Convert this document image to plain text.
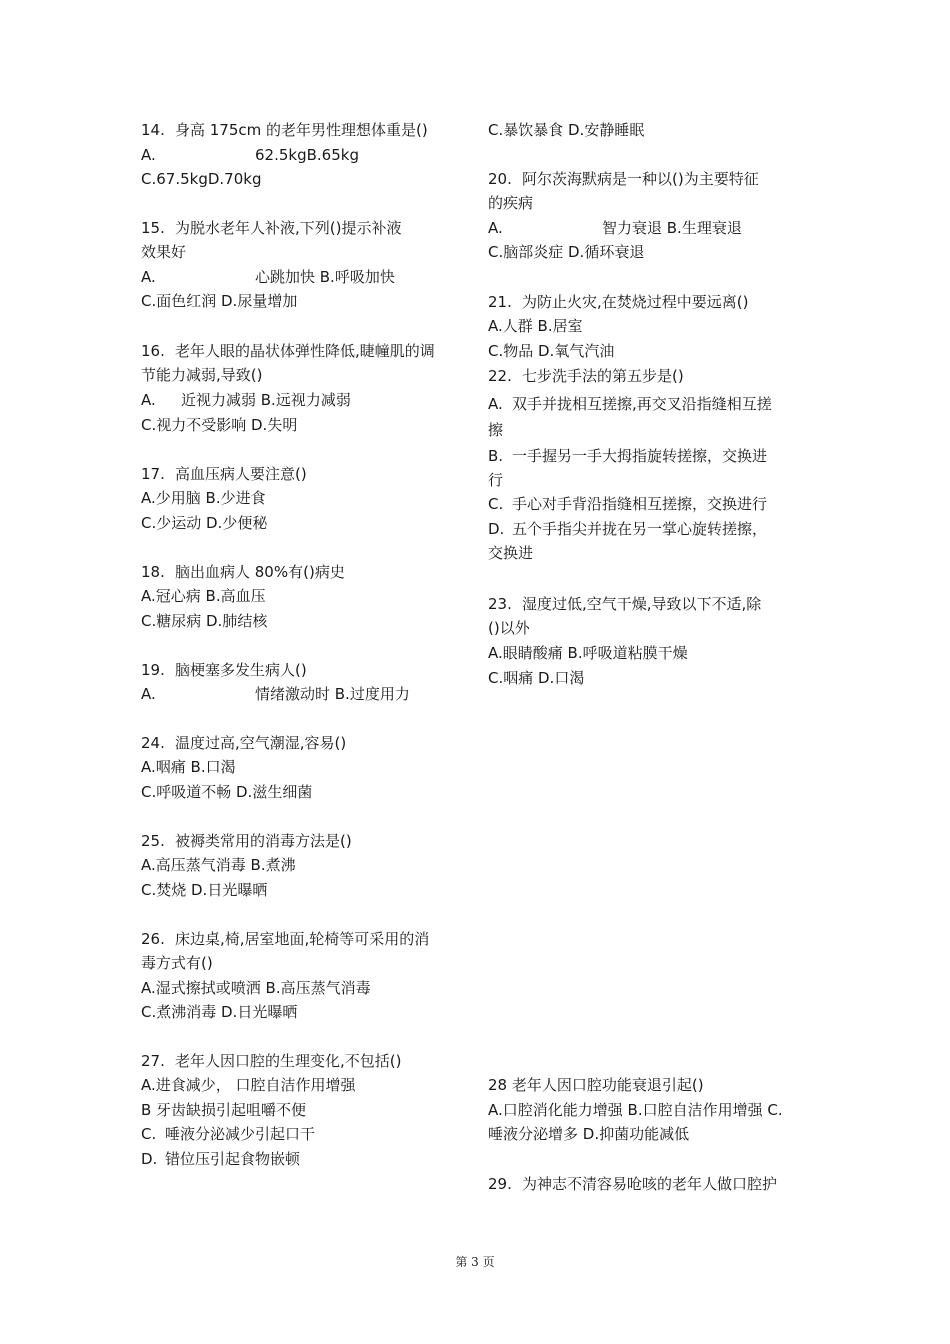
14. 身高 175cm 的老年男性理想体重是()
A.	62.5kgB.65kg
C.67.5kgD.70kg
15. 为脱水老年人补液,下列()提示补液
效果好
A.	心跳加快 B.呼吸加快
C.面色红润 D.尿量增加
16. 老年人眼的晶状体弹性降低,睫幢肌的调
节能力减弱,导致()
A. 近视力减弱 B.远视力减弱
C.视力不受影响 D.失明
17. 高血压病人要注意()
A.少用脑 B.少进食
C.少运动 D.少便秘
18. 脑出血病人 80%有()病史
A.冠心病 B.高血压
C.糖尿病 D.肺结核
19. 脑梗塞多发生病人()
A.	情绪激动时 B.过度用力
24. 温度过高,空气潮湿,容易()
A.咽痛 B.口渴
C.呼吸道不畅 D.滋生细菌
25. 被褥类常用的消毒方法是()
A.高压蒸气消毒 B.煮沸
C.焚烧 D.日光曝晒
26. 床边桌,椅,居室地面,轮椅等可采用的消
毒方式有()
A.湿式擦拭或喷洒 B.高压蒸气消毒
C.煮沸消毒 D.日光曝晒
27. 老年人因口腔的生理变化,不包括()
A.进食减少， 口腔自洁作用增强
B 牙齿缺损引起咀嚼不便
C. 唾液分泌减少引起口干
D. 错位压引起食物嵌顿
C.暴饮暴食 D.安静睡眠
20. 阿尔茨海默病是一种以()为主要特征
的疾病
A.	智力衰退 B.生理衰退
C.脑部炎症 D.循环衰退
21. 为防止火灾,在焚烧过程中要远离()
A.人群 B.居室
C.物品 D.氧气汽油
22. 七步洗手法的第五步是()
A. 双手并拢相互搓擦,再交叉沿指缝相互搓
擦
B. 一手握另一手大拇指旋转搓擦，交换进
行
C. 手心对手背沿指缝相互搓擦，交换进行
D. 五个手指尖并拢在另一掌心旋转搓擦，
交换进
23. 湿度过低,空气干燥,导致以下不适,除
()以外
A.眼睛酸痛 B.呼吸道粘膜干燥
C.咽痛 D.口渴
28 老年人因口腔功能衰退引起()
A.口腔消化能力增强 B.口腔自洁作用增强 C.
唾液分泌增多 D.抑菌功能减低
29. 为神志不清容易呛咳的老年人做口腔护
第 3 页
